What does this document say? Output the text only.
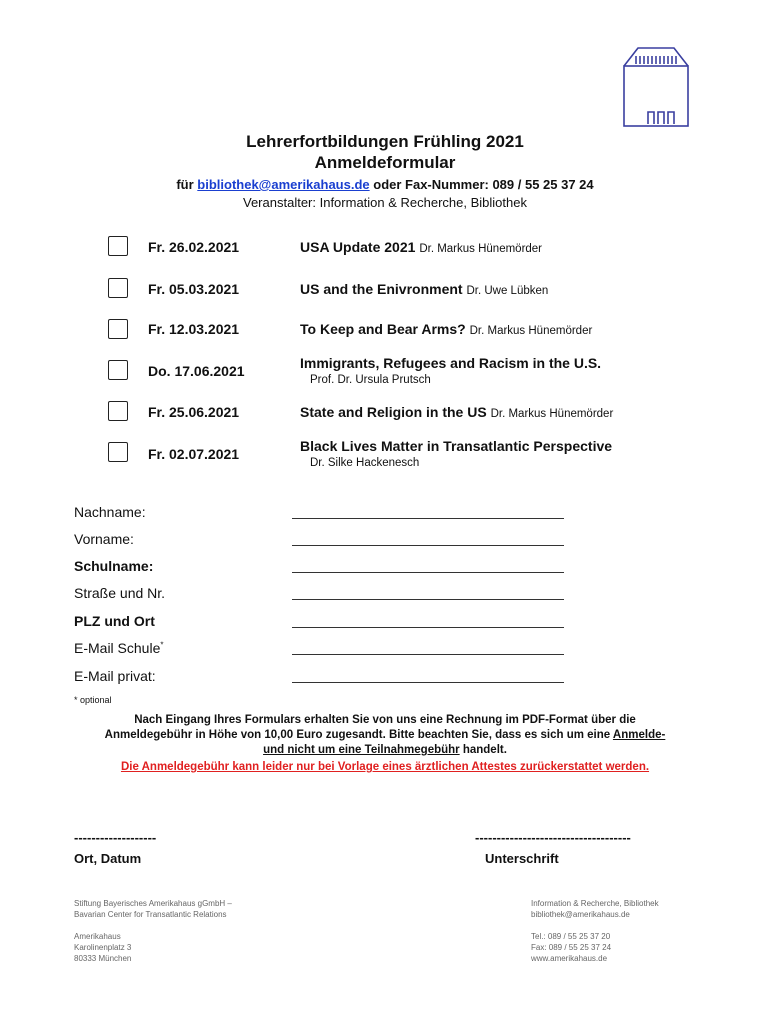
Lehrerfortbildungen Frühling 2021
Anmeldeformular
für bibliothek@amerikahaus.de oder Fax-Nummer: 089 / 55 25 37 24
Veranstalter: Information & Recherche, Bibliothek
Fr. 26.02.2021	USA Update 2021 Dr. Markus Hünemörder
Fr. 05.03.2021	US and the Enivronment Dr. Uwe Lübken
Fr. 12.03.2021	To Keep and Bear Arms? Dr. Markus Hünemörder
Do. 17.06.2021	Immigrants, Refugees and Racism in the U.S.
Prof. Dr. Ursula Prutsch
Fr. 25.06.2021	State and Religion in the US Dr. Markus Hünemörder
Fr. 02.07.2021	Black Lives Matter in Transatlantic Perspective
Dr. Silke Hackenesch
Nachname:
Vorname:
Schulname:
Straße und Nr.
PLZ und Ort
E-Mail Schule*
E-Mail privat:
* optional
Nach Eingang Ihres Formulars erhalten Sie von uns eine Rechnung im PDF-Format über die
Anmeldegebühr in Höhe von 10,00 Euro zugesandt. Bitte beachten Sie, dass es sich um eine Anmelde-
und nicht um eine Teilnahmegebühr handelt.
Die Anmeldegebühr kann leider nur bei Vorlage eines ärztlichen Attestes zurückerstattet werden.
-------------------
Ort, Datum
------------------------------------
Unterschrift
Stiftung Bayerisches Amerikahaus gGmbH –
Bavarian Center for Transatlantic Relations

Amerikahaus
Karolinenplatz 3
80333 München
Information & Recherche, Bibliothek
bibliothek@amerikahaus.de

Tel.: 089 / 55 25 37 20
Fax: 089 / 55 25 37 24
www.amerikahaus.de
